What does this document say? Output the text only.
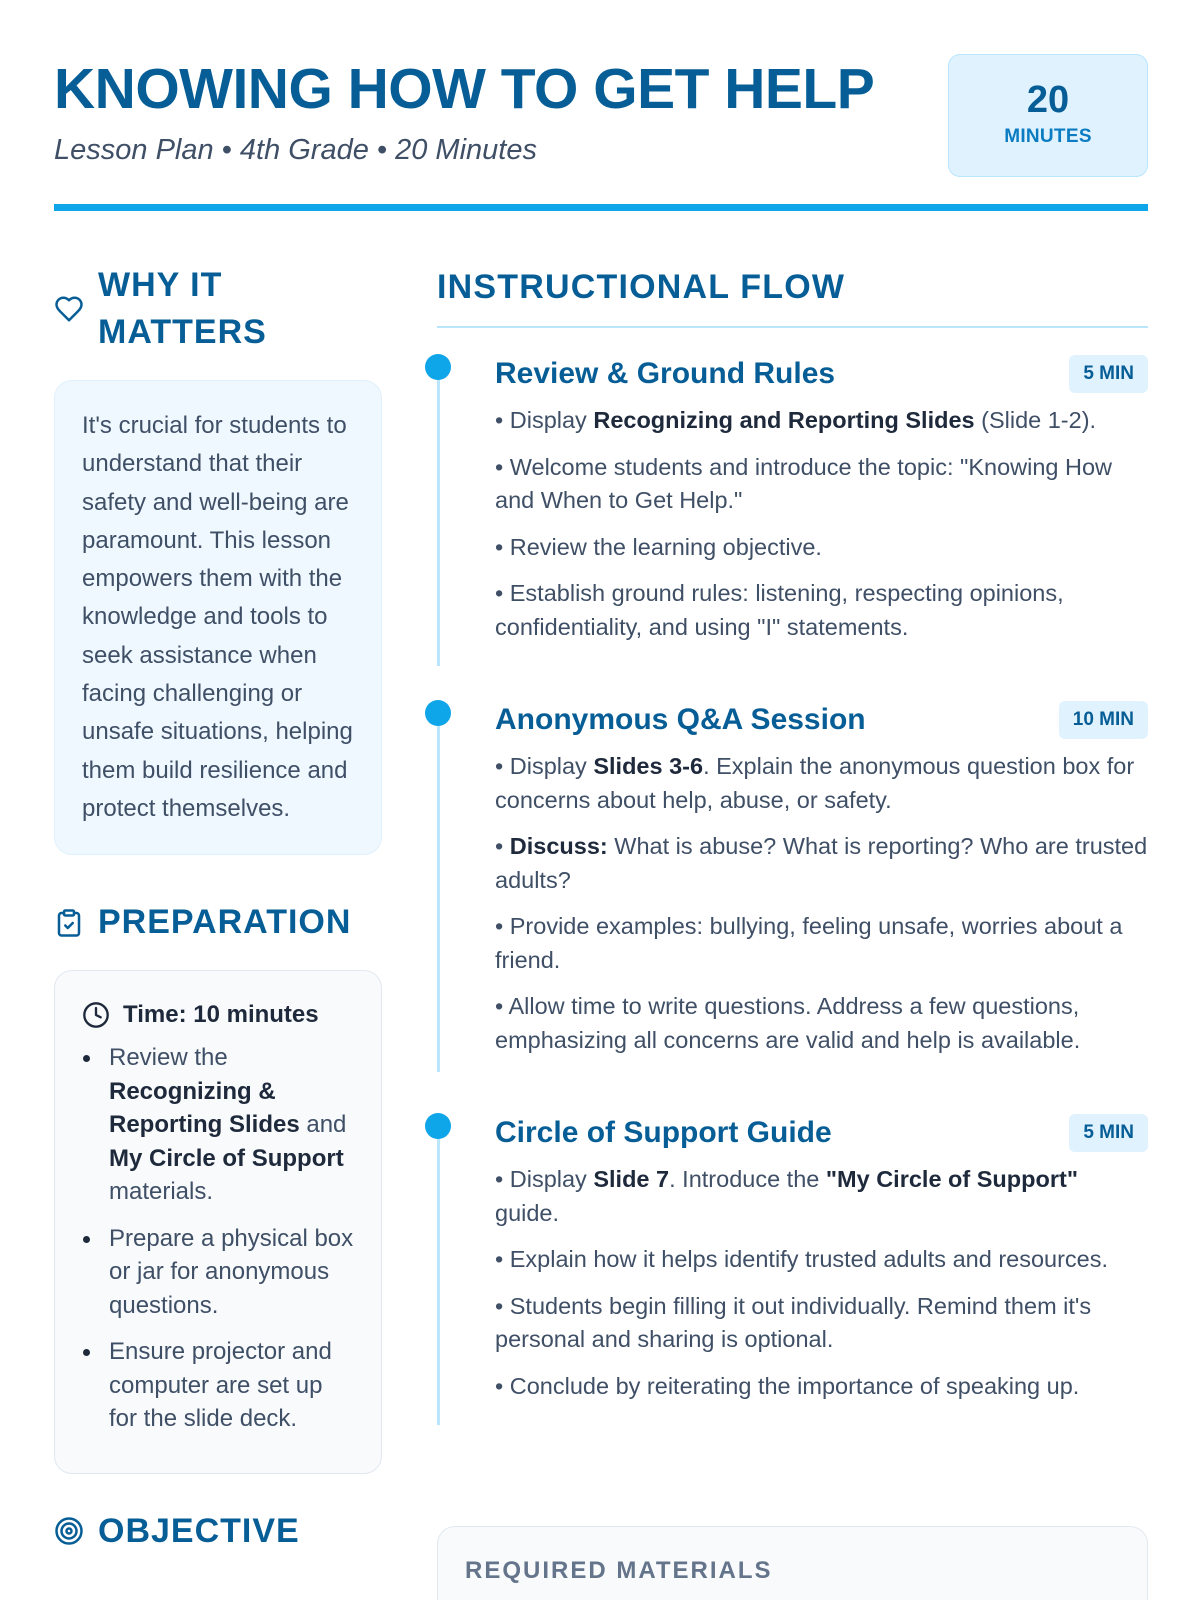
KNOWING HOW TO GET HELP
Lesson Plan • 4th Grade • 20 Minutes
20
MINUTES
WHY IT MATTERS

It's crucial for students to understand that their safety and well-being are paramount. This lesson empowers them with the knowledge and tools to seek assistance when facing challenging or unsafe situations, helping them build resilience and protect themselves.

PREPARATION
Time: 10 minutes
Review the Recognizing & Reporting Slides and My Circle of Support materials.
Prepare a physical box or jar for anonymous questions.
Ensure projector and computer are set up for the slide deck.
OBJECTIVE
INSTRUCTIONAL FLOW
Review & Ground Rules	5 MIN

• Display Recognizing and Reporting Slides (Slide 1-2).

• Welcome students and introduce the topic: "Knowing How and When to Get Help."

• Review the learning objective.

• Establish ground rules: listening, respecting opinions, confidentiality, and using "I" statements.

Anonymous Q&A Session	10 MIN

• Display Slides 3-6. Explain the anonymous question box for concerns about help, abuse, or safety.

• Discuss: What is abuse? What is reporting? Who are trusted adults?

• Provide examples: bullying, feeling unsafe, worries about a friend.

• Allow time to write questions. Address a few questions, emphasizing all concerns are valid and help is available.

Circle of Support Guide	5 MIN

• Display Slide 7. Introduce the "My Circle of Support" guide.

• Explain how it helps identify trusted adults and resources.

• Students begin filling it out individually. Remind them it's personal and sharing is optional.

• Conclude by reiterating the importance of speaking up.

REQUIRED MATERIALS
